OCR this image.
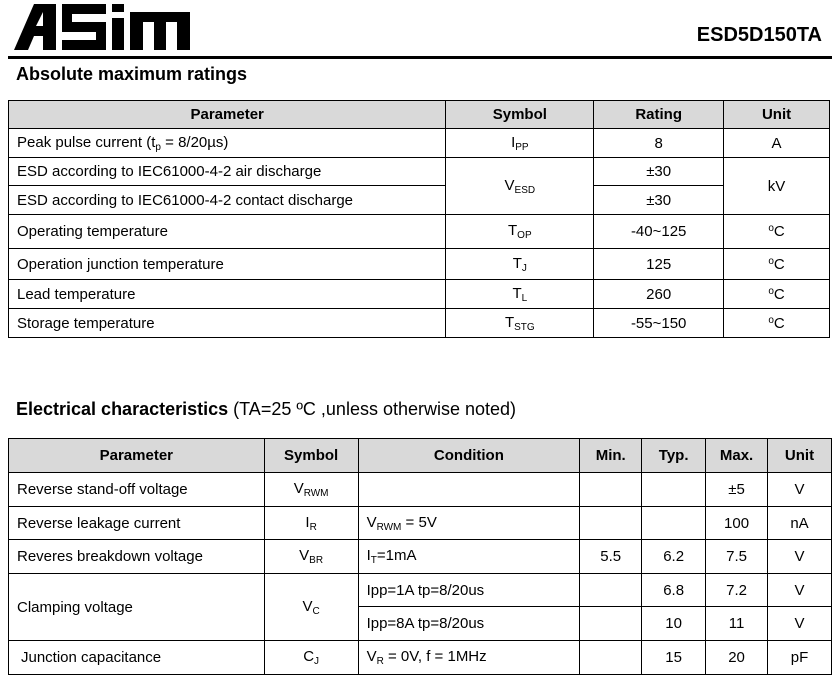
ESD5D150TA
Absolute maximum ratings
Parameter	Symbol	Rating	Unit
Peak pulse current $(t_p = 8/20\mu s)$	$I_{PP}$	8	A
ESD according to IEC61000-4-2 air discharge	$V_{ESD}$	±30	kV
ESD according to IEC61000-4-2 contact discharge		±30	
Operating temperature	$T_{OP}$	-40~125	$^o$C
Operation junction temperature	$T_J$	125	$^o$C
Lead temperature	$T_L$	260	$^o$C
Storage temperature	$T_{STG}$	-55~150	$^o$C
Electrical characteristics (TA=25 ºC ,unless otherwise noted)
Parameter	Symbol	Condition	Min.	Typ.	Max.	Unit
Reverse stand-off voltage	$V_{RWM}$				±5	V
Reverse leakage current	$I_R$	$V_{RWM} = 5V$			100	nA
Reveres breakdown voltage	$V_{BR}$	$I_T=1mA$	5.5	6.2	7.5	V
Clamping voltage	$V_C$	Ipp=1A tp=8/20us		6.8	7.2	V
		Ipp=8A tp=8/20us		10	11	V
Junction capacitance	$C_J$	$V_R = 0V$, f = 1MHz		15	20	pF
